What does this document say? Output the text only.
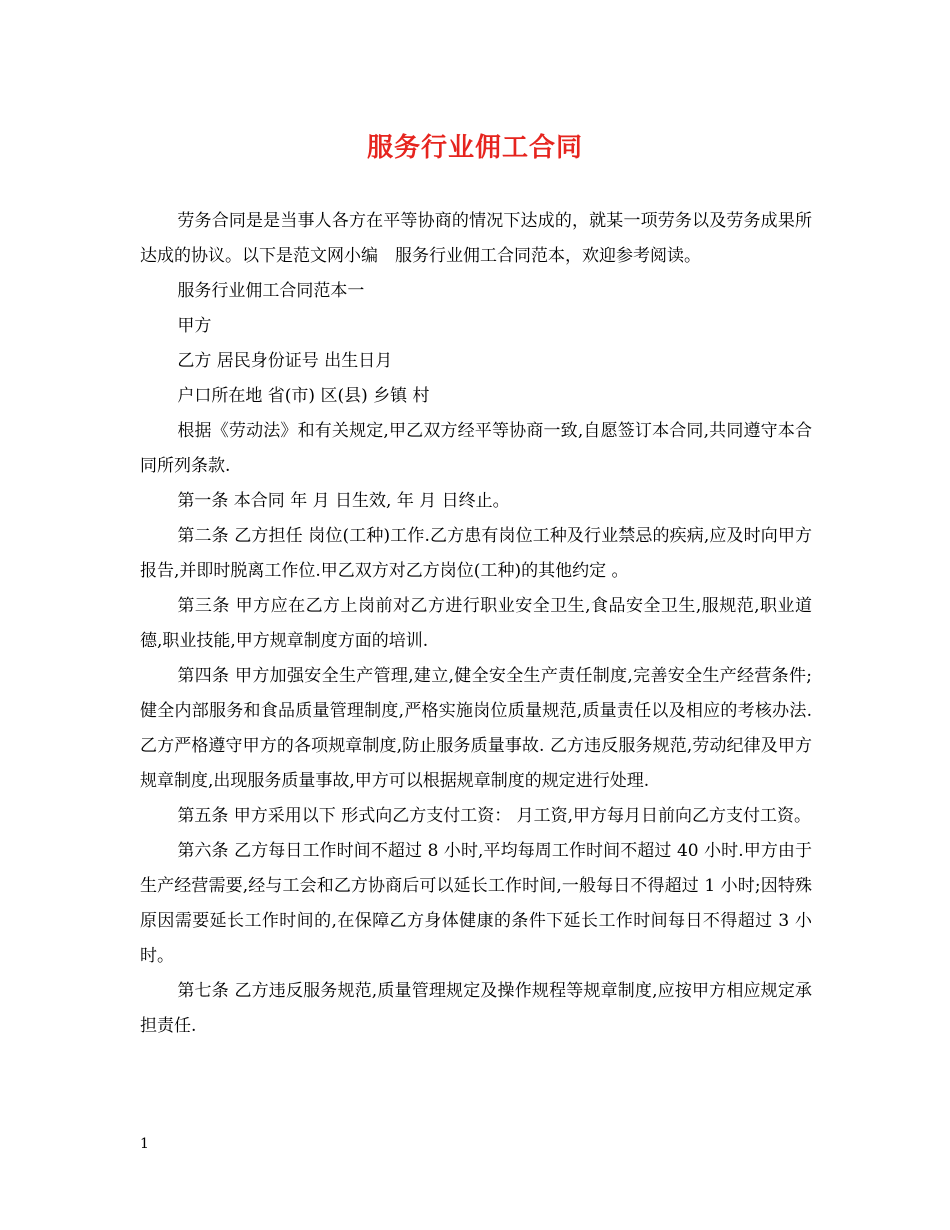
服务行业佣工合同

劳务合同是是当事人各方在平等协商的情况下达成的，就某一项劳务以及劳务成果所达成的协议。以下是范文网小编　服务行业佣工合同范本，欢迎参考阅读。

服务行业佣工合同范本一

甲方

乙方 居民身份证号 出生日月

户口所在地 省(市) 区(县) 乡镇 村

根据《劳动法》和有关规定,甲乙双方经平等协商一致,自愿签订本合同,共同遵守本合同所列条款.

第一条 本合同 年 月 日生效, 年 月 日终止。

第二条 乙方担任 岗位(工种)工作.乙方患有岗位工种及行业禁忌的疾病,应及时向甲方报告,并即时脱离工作位.甲乙双方对乙方岗位(工种)的其他约定 。

第三条 甲方应在乙方上岗前对乙方进行职业安全卫生,食品安全卫生,服规范,职业道德,职业技能,甲方规章制度方面的培训.

第四条 甲方加强安全生产管理,建立,健全安全生产责任制度,完善安全生产经营条件;健全内部服务和食品质量管理制度,严格实施岗位质量规范,质量责任以及相应的考核办法.乙方严格遵守甲方的各项规章制度,防止服务质量事故. 乙方违反服务规范,劳动纪律及甲方规章制度,出现服务质量事故,甲方可以根据规章制度的规定进行处理.

第五条 甲方采用以下 形式向乙方支付工资： 月工资,甲方每月日前向乙方支付工资。

第六条 乙方每日工作时间不超过 8 小时,平均每周工作时间不超过 40 小时.甲方由于生产经营需要,经与工会和乙方协商后可以延长工作时间,一般每日不得超过 1 小时;因特殊原因需要延长工作时间的,在保障乙方身体健康的条件下延长工作时间每日不得超过 3 小时。

第七条 乙方违反服务规范,质量管理规定及操作规程等规章制度,应按甲方相应规定承担责任.

1
